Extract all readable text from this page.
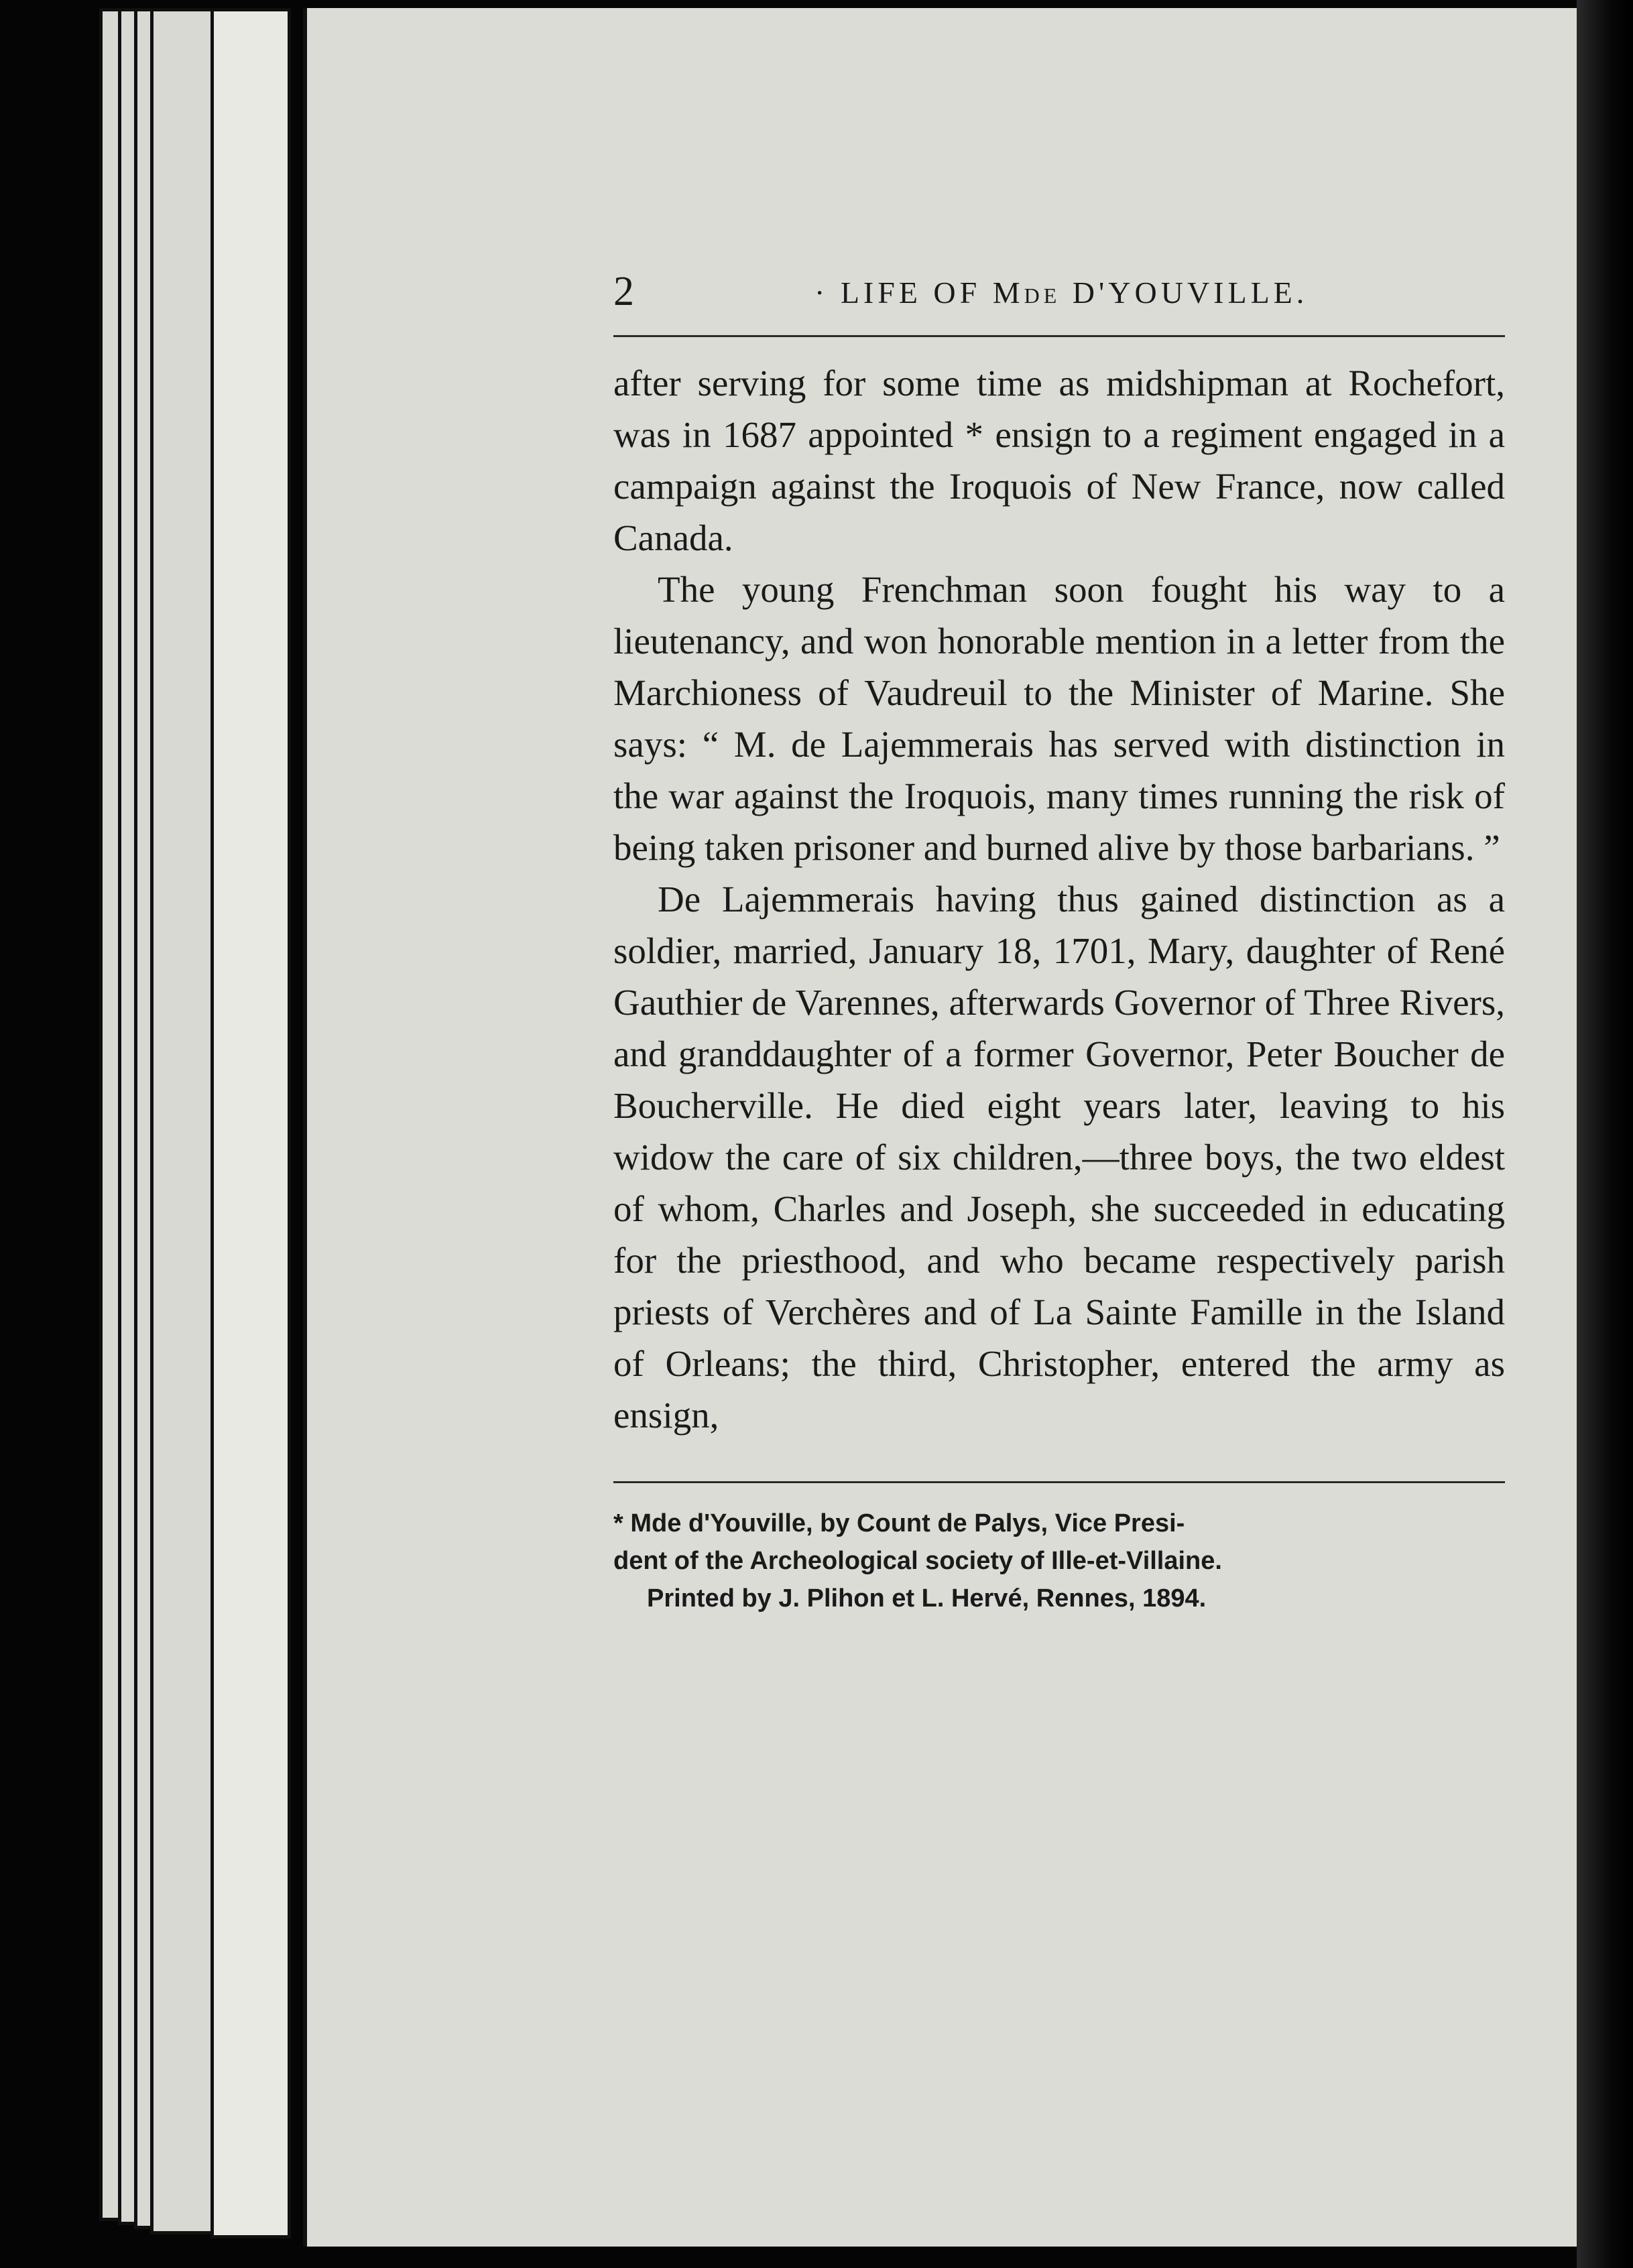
2	· LIFE OF Mde D'YOUVILLE.

after serving for some time as midshipman at Rochefort, was in 1687 appointed * ensign to a regiment engaged in a campaign against the Iroquois of New France, now called Canada.

The young Frenchman soon fought his way to a lieutenancy, and won honorable mention in a letter from the Marchioness of Vaudreuil to the Minister of Marine. She says: “ M. de Lajemmerais has served with distinction in the war against the Iroquois, many times running the risk of being taken prisoner and burned alive by those barbarians. ”

De Lajemmerais having thus gained distinction as a soldier, married, January 18, 1701, Mary, daughter of René Gauthier de Varennes, afterwards Governor of Three Rivers, and granddaughter of a former Governor, Peter Boucher de Boucherville. He died eight years later, leaving to his widow the care of six children,—three boys, the two eldest of whom, Charles and Joseph, she succeeded in educating for the priesthood, and who became respectively parish priests of Verchères and of La Sainte Famille in the Island of Orleans; the third, Christopher, entered the army as ensign,

* Mde d'Youville, by Count de Palys, Vice Presi-
dent of the Archeological society of Ille-et-Villaine.
Printed by J. Plihon et L. Hervé, Rennes, 1894.
